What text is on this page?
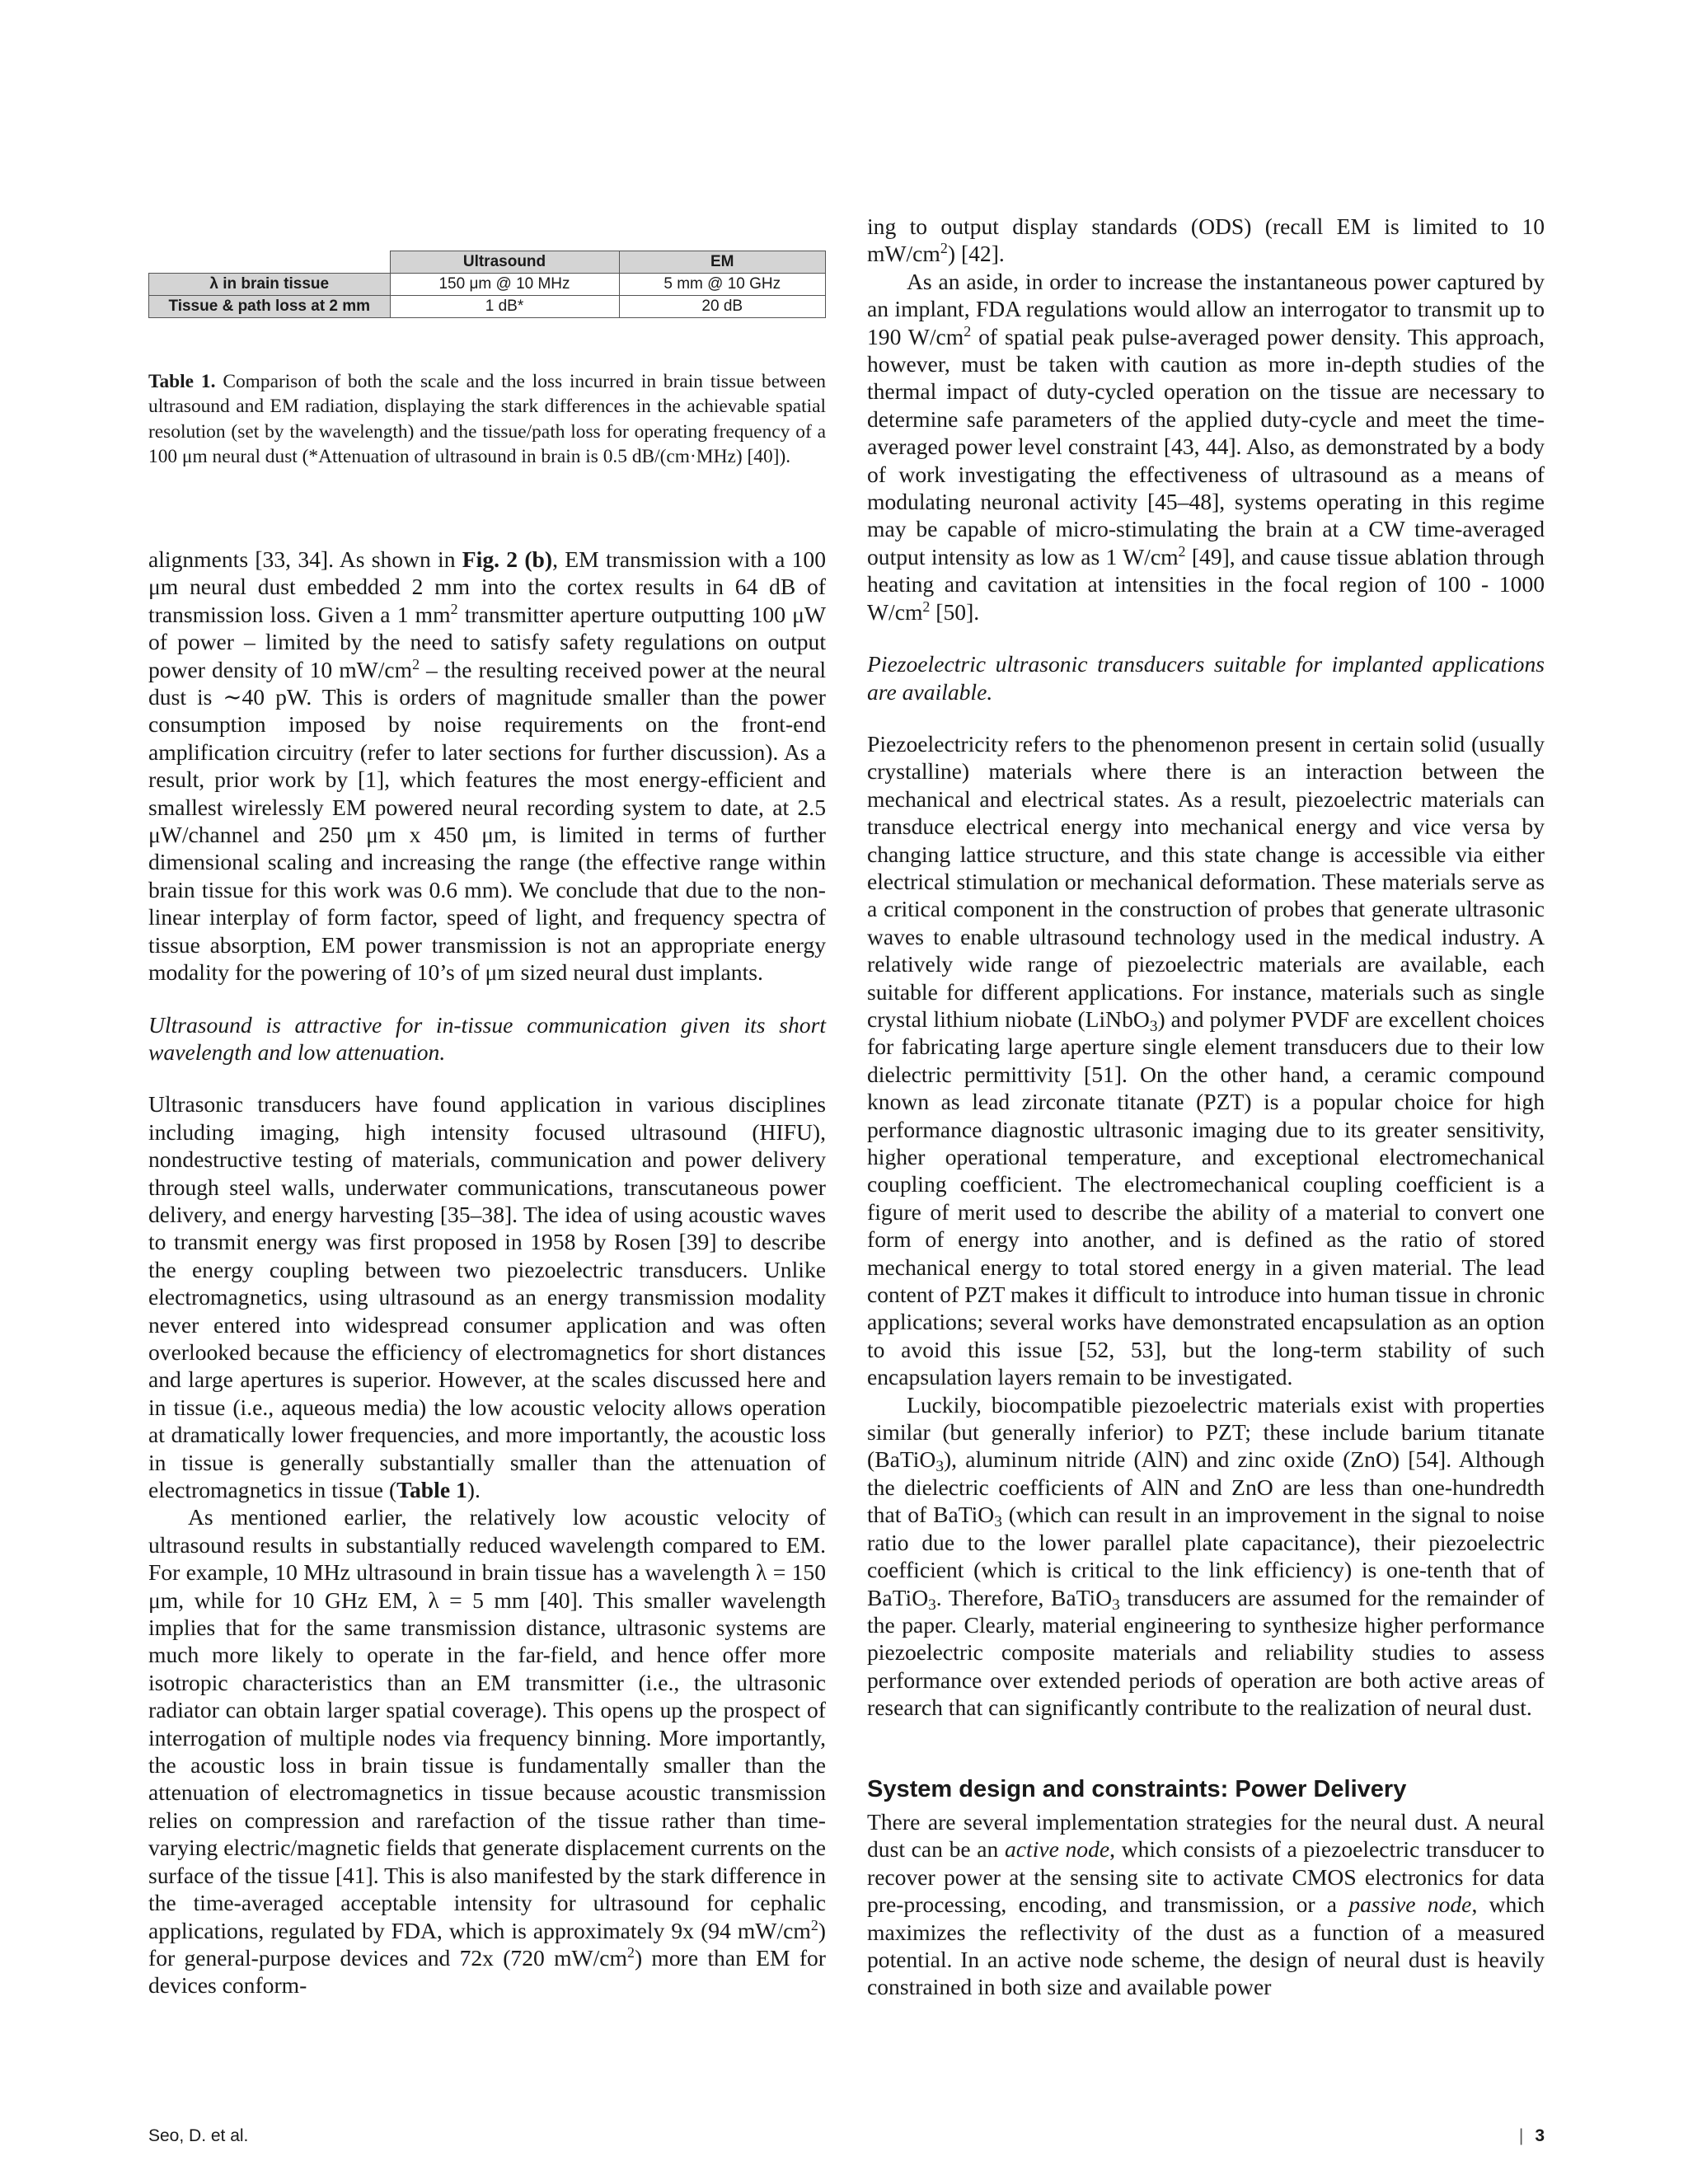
	Ultrasound	EM
λ in brain tissue	150 μm @ 10 MHz	5 mm @ 10 GHz
Tissue & path loss at 2 mm	1 dB*	20 dB
Table 1. Comparison of both the scale and the loss incurred in brain tissue between ultrasound and EM radiation, displaying the stark differences in the achievable spatial resolution (set by the wavelength) and the tissue/path loss for operating frequency of a 100 μm neural dust (*Attenuation of ultrasound in brain is 0.5 dB/(cm·MHz) [40]).

alignments [33, 34]. As shown in Fig. 2 (b), EM transmission with a 100 μm neural dust embedded 2 mm into the cortex results in 64 dB of transmission loss. Given a 1 $mm^2$ transmitter aperture outputting 100 μW of power – limited by the need to satisfy safety regulations on output power density of 10 $mW/cm^2$ – the resulting received power at the neural dust is ∼40 pW. This is orders of magnitude smaller than the power consumption imposed by noise requirements on the front-end amplification circuitry (refer to later sections for further discussion). As a result, prior work by [1], which features the most energy-efficient and smallest wirelessly EM powered neural recording system to date, at 2.5 μW/channel and 250 μm x 450 μm, is limited in terms of further dimensional scaling and increasing the range (the effective range within brain tissue for this work was 0.6 mm). We conclude that due to the non-linear interplay of form factor, speed of light, and frequency spectra of tissue absorption, EM power transmission is not an appropriate energy modality for the powering of 10’s of μm sized neural dust implants.

Ultrasound is attractive for in-tissue communication given its short wavelength and low attenuation.

Ultrasonic transducers have found application in various disciplines including imaging, high intensity focused ultrasound (HIFU), nondestructive testing of materials, communication and power delivery through steel walls, underwater communications, transcutaneous power delivery, and energy harvesting [35–38]. The idea of using acoustic waves to transmit energy was first proposed in 1958 by Rosen [39] to describe the energy coupling between two piezoelectric transducers. Unlike electromagnetics, using ultrasound as an energy transmission modality never entered into widespread consumer application and was often overlooked because the efficiency of electromagnetics for short distances and large apertures is superior. However, at the scales discussed here and in tissue (i.e., aqueous media) the low acoustic velocity allows operation at dramatically lower frequencies, and more importantly, the acoustic loss in tissue is generally substantially smaller than the attenuation of electromagnetics in tissue (Table 1).

As mentioned earlier, the relatively low acoustic velocity of ultrasound results in substantially reduced wavelength compared to EM. For example, 10 MHz ultrasound in brain tissue has a wavelength λ = 150 μm, while for 10 GHz EM, λ = 5 mm [40]. This smaller wavelength implies that for the same transmission distance, ultrasonic systems are much more likely to operate in the far-field, and hence offer more isotropic characteristics than an EM transmitter (i.e., the ultrasonic radiator can obtain larger spatial coverage). This opens up the prospect of interrogation of multiple nodes via frequency binning. More importantly, the acoustic loss in brain tissue is fundamentally smaller than the attenuation of electromagnetics in tissue because acoustic transmission relies on compression and rarefaction of the tissue rather than time-varying electric/magnetic fields that generate displacement currents on the surface of the tissue [41]. This is also manifested by the stark difference in the time-averaged acceptable intensity for ultrasound for cephalic applications, regulated by FDA, which is approximately 9x (94 $mW/cm^2$) for general-purpose devices and 72x (720 $mW/cm^2$) more than EM for devices conform-

ing to output display standards (ODS) (recall EM is limited to 10 $mW/cm^2$) [42].

As an aside, in order to increase the instantaneous power captured by an implant, FDA regulations would allow an interrogator to transmit up to 190 $W/cm^2$ of spatial peak pulse-averaged power density. This approach, however, must be taken with caution as more in-depth studies of the thermal impact of duty-cycled operation on the tissue are necessary to determine safe parameters of the applied duty-cycle and meet the time-averaged power level constraint [43, 44]. Also, as demonstrated by a body of work investigating the effectiveness of ultrasound as a means of modulating neuronal activity [45–48], systems operating in this regime may be capable of micro-stimulating the brain at a CW time-averaged output intensity as low as 1 $W/cm^2$ [49], and cause tissue ablation through heating and cavitation at intensities in the focal region of 100 - 1000 $W/cm^2$ [50].

Piezoelectric ultrasonic transducers suitable for implanted applications are available.

Piezoelectricity refers to the phenomenon present in certain solid (usually crystalline) materials where there is an interaction between the mechanical and electrical states. As a result, piezoelectric materials can transduce electrical energy into mechanical energy and vice versa by changing lattice structure, and this state change is accessible via either electrical stimulation or mechanical deformation. These materials serve as a critical component in the construction of probes that generate ultrasonic waves to enable ultrasound technology used in the medical industry. A relatively wide range of piezoelectric materials are available, each suitable for different applications. For instance, materials such as single crystal lithium niobate (LiNbO$_3$) and polymer PVDF are excellent choices for fabricating large aperture single element transducers due to their low dielectric permittivity [51]. On the other hand, a ceramic compound known as lead zirconate titanate (PZT) is a popular choice for high performance diagnostic ultrasonic imaging due to its greater sensitivity, higher operational temperature, and exceptional electromechanical coupling coefficient. The electromechanical coupling coefficient is a figure of merit used to describe the ability of a material to convert one form of energy into another, and is defined as the ratio of stored mechanical energy to total stored energy in a given material. The lead content of PZT makes it difficult to introduce into human tissue in chronic applications; several works have demonstrated encapsulation as an option to avoid this issue [52, 53], but the long-term stability of such encapsulation layers remain to be investigated.

Luckily, biocompatible piezoelectric materials exist with properties similar (but generally inferior) to PZT; these include barium titanate (BaTiO$_3$), aluminum nitride (AlN) and zinc oxide (ZnO) [54]. Although the dielectric coefficients of AlN and ZnO are less than one-hundredth that of BaTiO$_3$ (which can result in an improvement in the signal to noise ratio due to the lower parallel plate capacitance), their piezoelectric coefficient (which is critical to the link efficiency) is one-tenth that of BaTiO$_3$. Therefore, BaTiO$_3$ transducers are assumed for the remainder of the paper. Clearly, material engineering to synthesize higher performance piezoelectric composite materials and reliability studies to assess performance over extended periods of operation are both active areas of research that can significantly contribute to the realization of neural dust.

System design and constraints: Power Delivery

There are several implementation strategies for the neural dust. A neural dust can be an active node, which consists of a piezoelectric transducer to recover power at the sensing site to activate CMOS electronics for data pre-processing, encoding, and transmission, or a passive node, which maximizes the reflectivity of the dust as a function of a measured potential. In an active node scheme, the design of neural dust is heavily constrained in both size and available power

Seo, D. et al.	| 3
